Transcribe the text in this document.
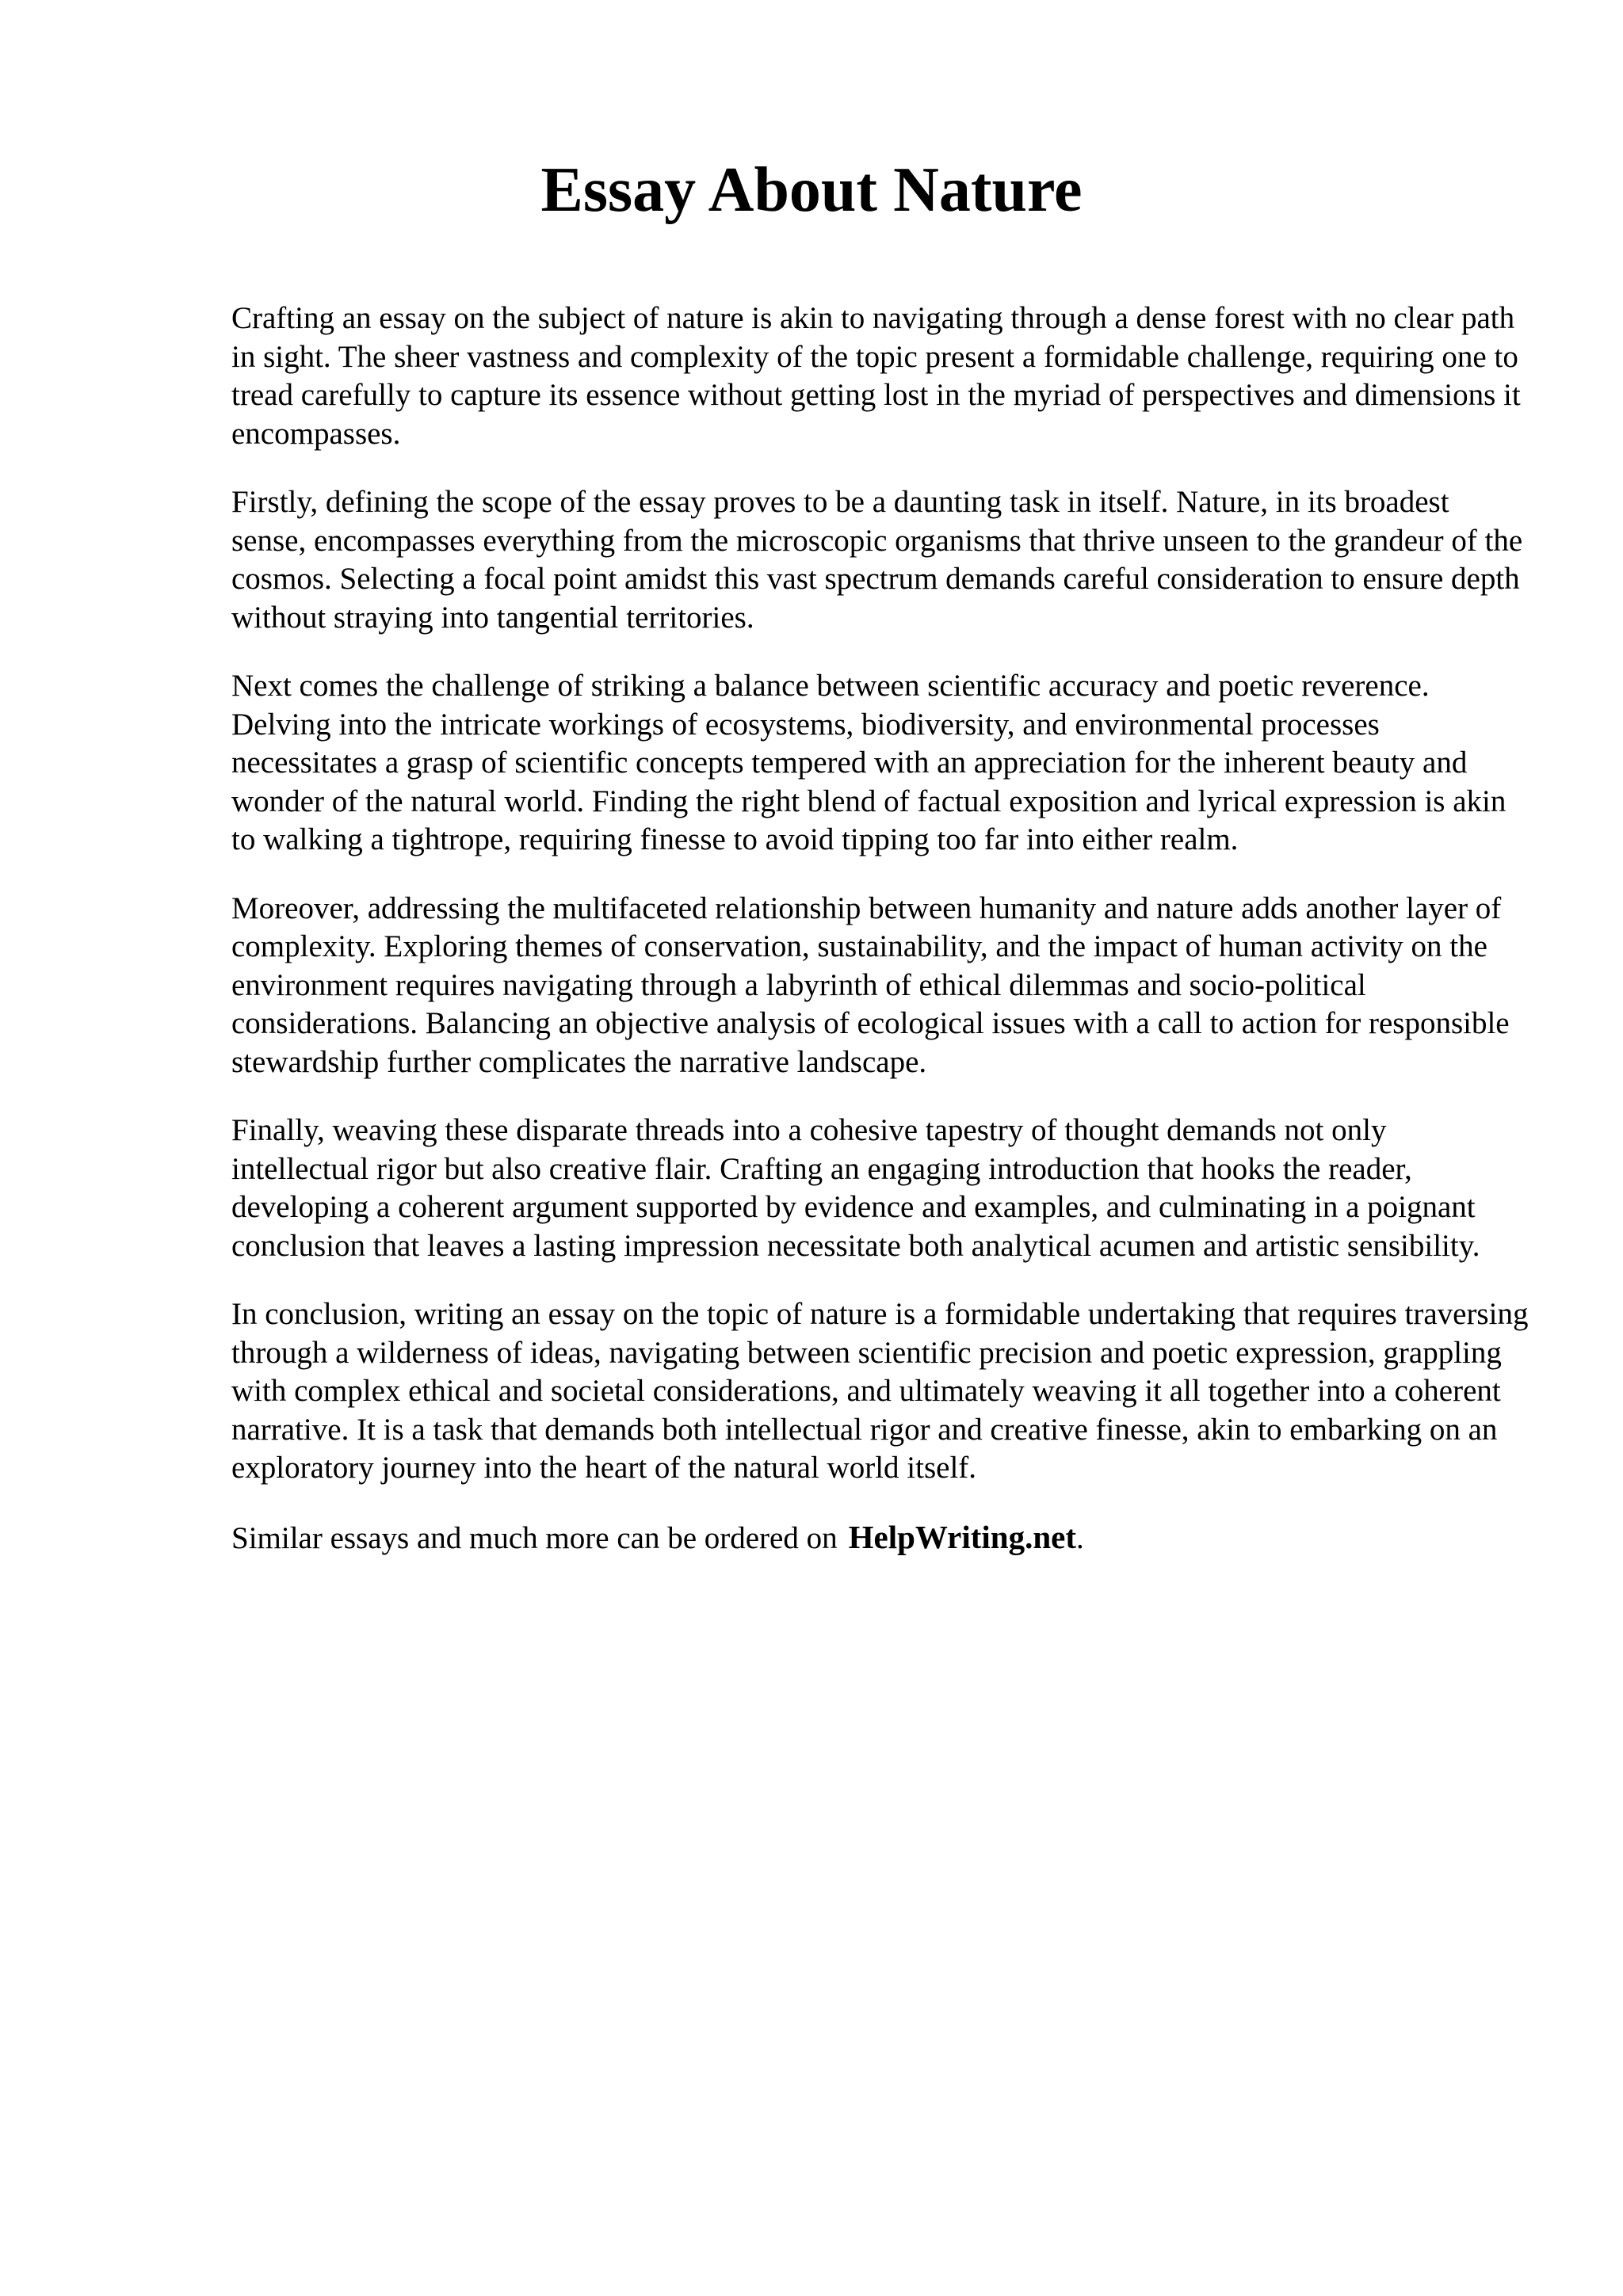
Essay About Nature

Crafting an essay on the subject of nature is akin to navigating through a dense forest with no clear path in sight. The sheer vastness and complexity of the topic present a formidable challenge, requiring one to tread carefully to capture its essence without getting lost in the myriad of perspectives and dimensions it encompasses.

Firstly, defining the scope of the essay proves to be a daunting task in itself. Nature, in its broadest sense, encompasses everything from the microscopic organisms that thrive unseen to the grandeur of the cosmos. Selecting a focal point amidst this vast spectrum demands careful consideration to ensure depth without straying into tangential territories.

Next comes the challenge of striking a balance between scientific accuracy and poetic reverence. Delving into the intricate workings of ecosystems, biodiversity, and environmental processes necessitates a grasp of scientific concepts tempered with an appreciation for the inherent beauty and wonder of the natural world. Finding the right blend of factual exposition and lyrical expression is akin to walking a tightrope, requiring finesse to avoid tipping too far into either realm.

Moreover, addressing the multifaceted relationship between humanity and nature adds another layer of complexity. Exploring themes of conservation, sustainability, and the impact of human activity on the environment requires navigating through a labyrinth of ethical dilemmas and socio-political considerations. Balancing an objective analysis of ecological issues with a call to action for responsible stewardship further complicates the narrative landscape.

Finally, weaving these disparate threads into a cohesive tapestry of thought demands not only intellectual rigor but also creative flair. Crafting an engaging introduction that hooks the reader, developing a coherent argument supported by evidence and examples, and culminating in a poignant conclusion that leaves a lasting impression necessitate both analytical acumen and artistic sensibility.

In conclusion, writing an essay on the topic of nature is a formidable undertaking that requires traversing through a wilderness of ideas, navigating between scientific precision and poetic expression, grappling with complex ethical and societal considerations, and ultimately weaving it all together into a coherent narrative. It is a task that demands both intellectual rigor and creative finesse, akin to embarking on an exploratory journey into the heart of the natural world itself.

Similar essays and much more can be ordered on HelpWriting.net.
